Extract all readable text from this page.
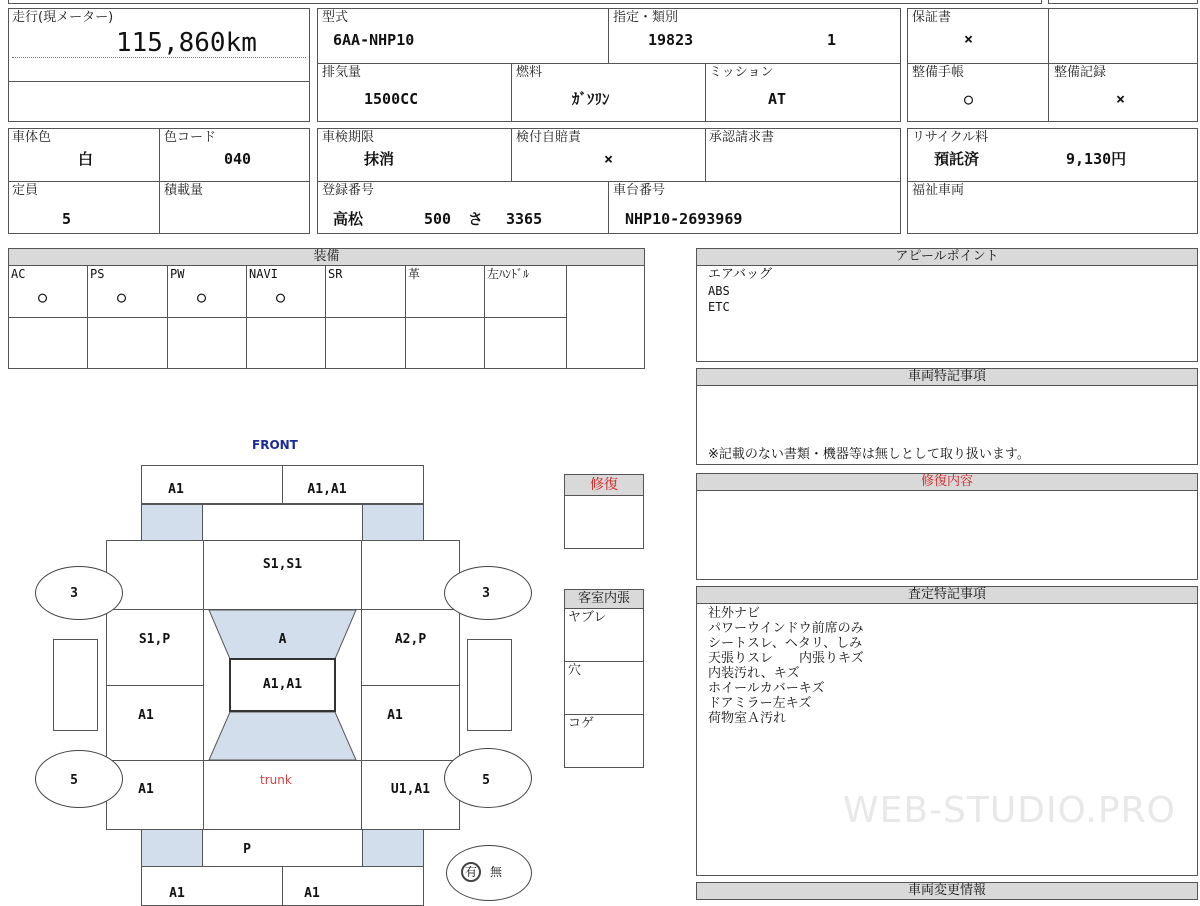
走行(現メーター)
115,860km
型式
6AA-NHP10
指定・類別
19823	1
排気量
1500CC
燃料
ｶﾞｿﾘﾝ
ミッション
AT
保証書
×
整備手帳
○
整備記録
×
車体色
白
色コード
040
定員
5
積載量
車検期限
抹消
検付自賠責
×
承認請求書
登録番号
高松	500 さ 3365
車台番号
NHP10-2693969
リサイクル料
預託済	9,130円
福祉車両
装備
AC
○
PS
○
PW
○
NAVI
○
SR	革	左ﾊﾝﾄﾞﾙ
アピールポイント
エアバッグ
ABS
ETC
車両特記事項
※記載のない書類・機器等は無しとして取り扱います。
修復内容
査定特記事項
社外ナビ
パワーウインドウ前席のみ
シートスレ、ヘタリ、しみ
天張りスレ　　内張りキズ
内装汚れ、キズ
ホイールカバーキズ
ドアミラー左キズ
荷物室Ａ汚れ
WEB-STUDIO.PRO
車両変更情報
修復
客室内張
ヤブレ
穴
コゲ
FRONT
A1	A1,A1
S1,S1
S1,P	A	A2,P
A1,A1
A1	A1
A1	U1,A1
trunk
3	3
5	5
P
A1	A1
有 無
